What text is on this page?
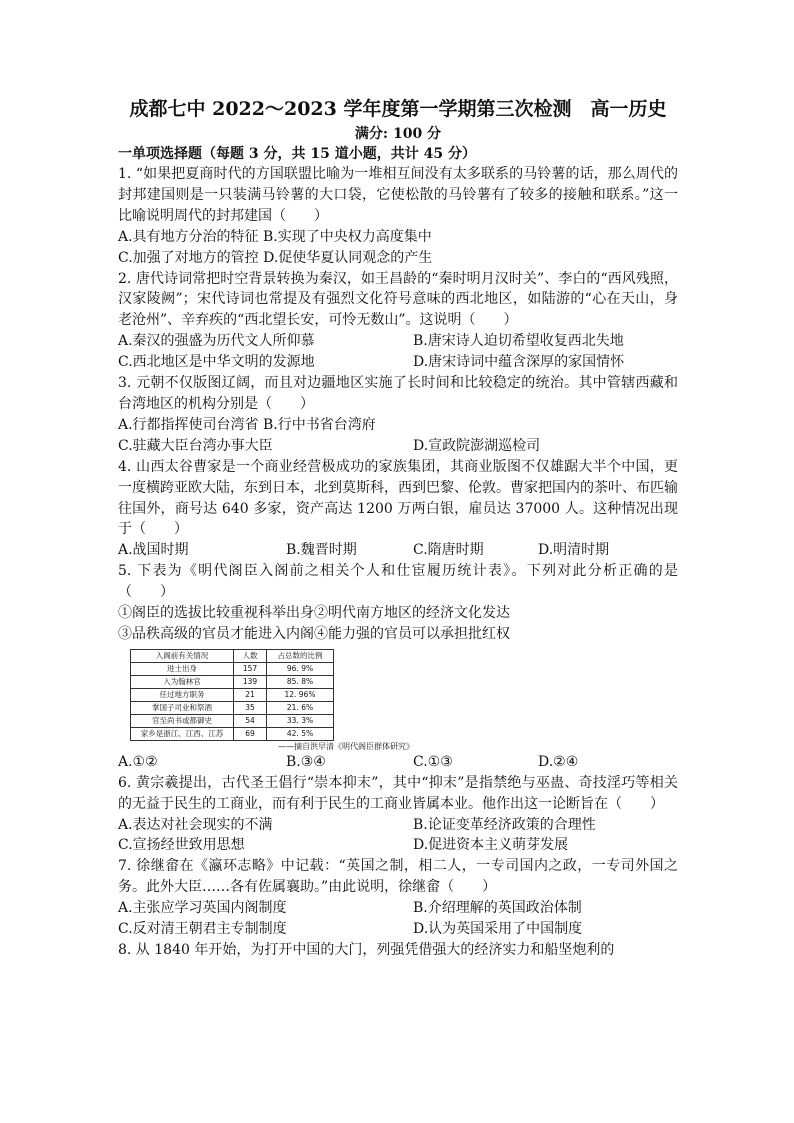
成都七中 2022～2023 学年度第一学期第三次检测　高一历史
满分: 100 分
一单项选择题（每题 3 分，共 15 道小题，共计 45 分）
1. “如果把夏商时代的方国联盟比喻为一堆相互间没有太多联系的马铃薯的话，那么周代的封邦建国则是一只装满马铃薯的大口袋，它使松散的马铃薯有了较多的接触和联系。”这一比喻说明周代的封邦建国（　　）
A.具有地方分治的特征 B.实现了中央权力高度集中
C.加强了对地方的管控 D.促使华夏认同观念的产生
2. 唐代诗词常把时空背景转换为秦汉，如王昌龄的“秦时明月汉时关”、李白的“西风残照，汉家陵阙”；宋代诗词也常提及有强烈文化符号意味的西北地区，如陆游的“心在天山，身老沧州”、辛弃疾的“西北望长安，可怜无数山”。这说明（　　）
A.秦汉的强盛为历代文人所仰慕	B.唐宋诗人迫切希望收复西北失地
C.西北地区是中华文明的发源地	D.唐宋诗词中蕴含深厚的家国情怀
3. 元朝不仅版图辽阔，而且对边疆地区实施了长时间和比较稳定的统治。其中管辖西藏和台湾地区的机构分别是（　　）
A.行都指挥使司台湾省 B.行中书省台湾府
C.驻藏大臣台湾办事大臣	D.宣政院澎湖巡检司
4. 山西太谷曹家是一个商业经营极成功的家族集团，其商业版图不仅雄踞大半个中国，更一度横跨亚欧大陆，东到日本，北到莫斯科，西到巴黎、伦敦。曹家把国内的茶叶、布匹输往国外，商号达 640 多家，资产高达 1200 万两白银，雇员达 37000 人。这种情况出现于（　　）
A.战国时期	B.魏晋时期	C.隋唐时期	D.明清时期
5. 下表为《明代阁臣入阁前之相关个人和仕宦履历统计表》。下列对此分析正确的是（　　）
①阁臣的选拔比较重视科举出身②明代南方地区的经济文化发达
③品秩高级的官员才能进入内阁④能力强的官员可以承担批红权
入阁前有关情况	人数	占总数的比例
进士出身	157	96. 9%
入为翰林官	139	85. 8%
任过地方职务	21	12. 96%
掌国子司业和祭酒	35	21. 6%
官至尚书或都御史	54	33. 3%
家乡是浙江、江西、江苏	69	42. 5%
——摘自洪早清《明代阁臣群体研究》
A.①②	B.③④	C.①③	D.②④
6. 黄宗羲提出，古代圣王倡行“崇本抑末”，其中“抑末”是指禁绝与巫蛊、奇技淫巧等相关的无益于民生的工商业，而有利于民生的工商业皆属本业。他作出这一论断旨在（　　）
A.表达对社会现实的不满	B.论证变革经济政策的合理性
C.宣扬经世致用思想	D.促进资本主义萌芽发展
7. 徐继畲在《瀛环志略》中记载：“英国之制，相二人，一专司国内之政，一专司外国之务。此外大臣……各有佐属襄助。”由此说明，徐继畲（　　）
A.主张应学习英国内阁制度	B.介绍理解的英国政治体制
C.反对清王朝君主专制制度	D.认为英国采用了中国制度
8. 从 1840 年开始，为打开中国的大门，列强凭借强大的经济实力和船坚炮利的
